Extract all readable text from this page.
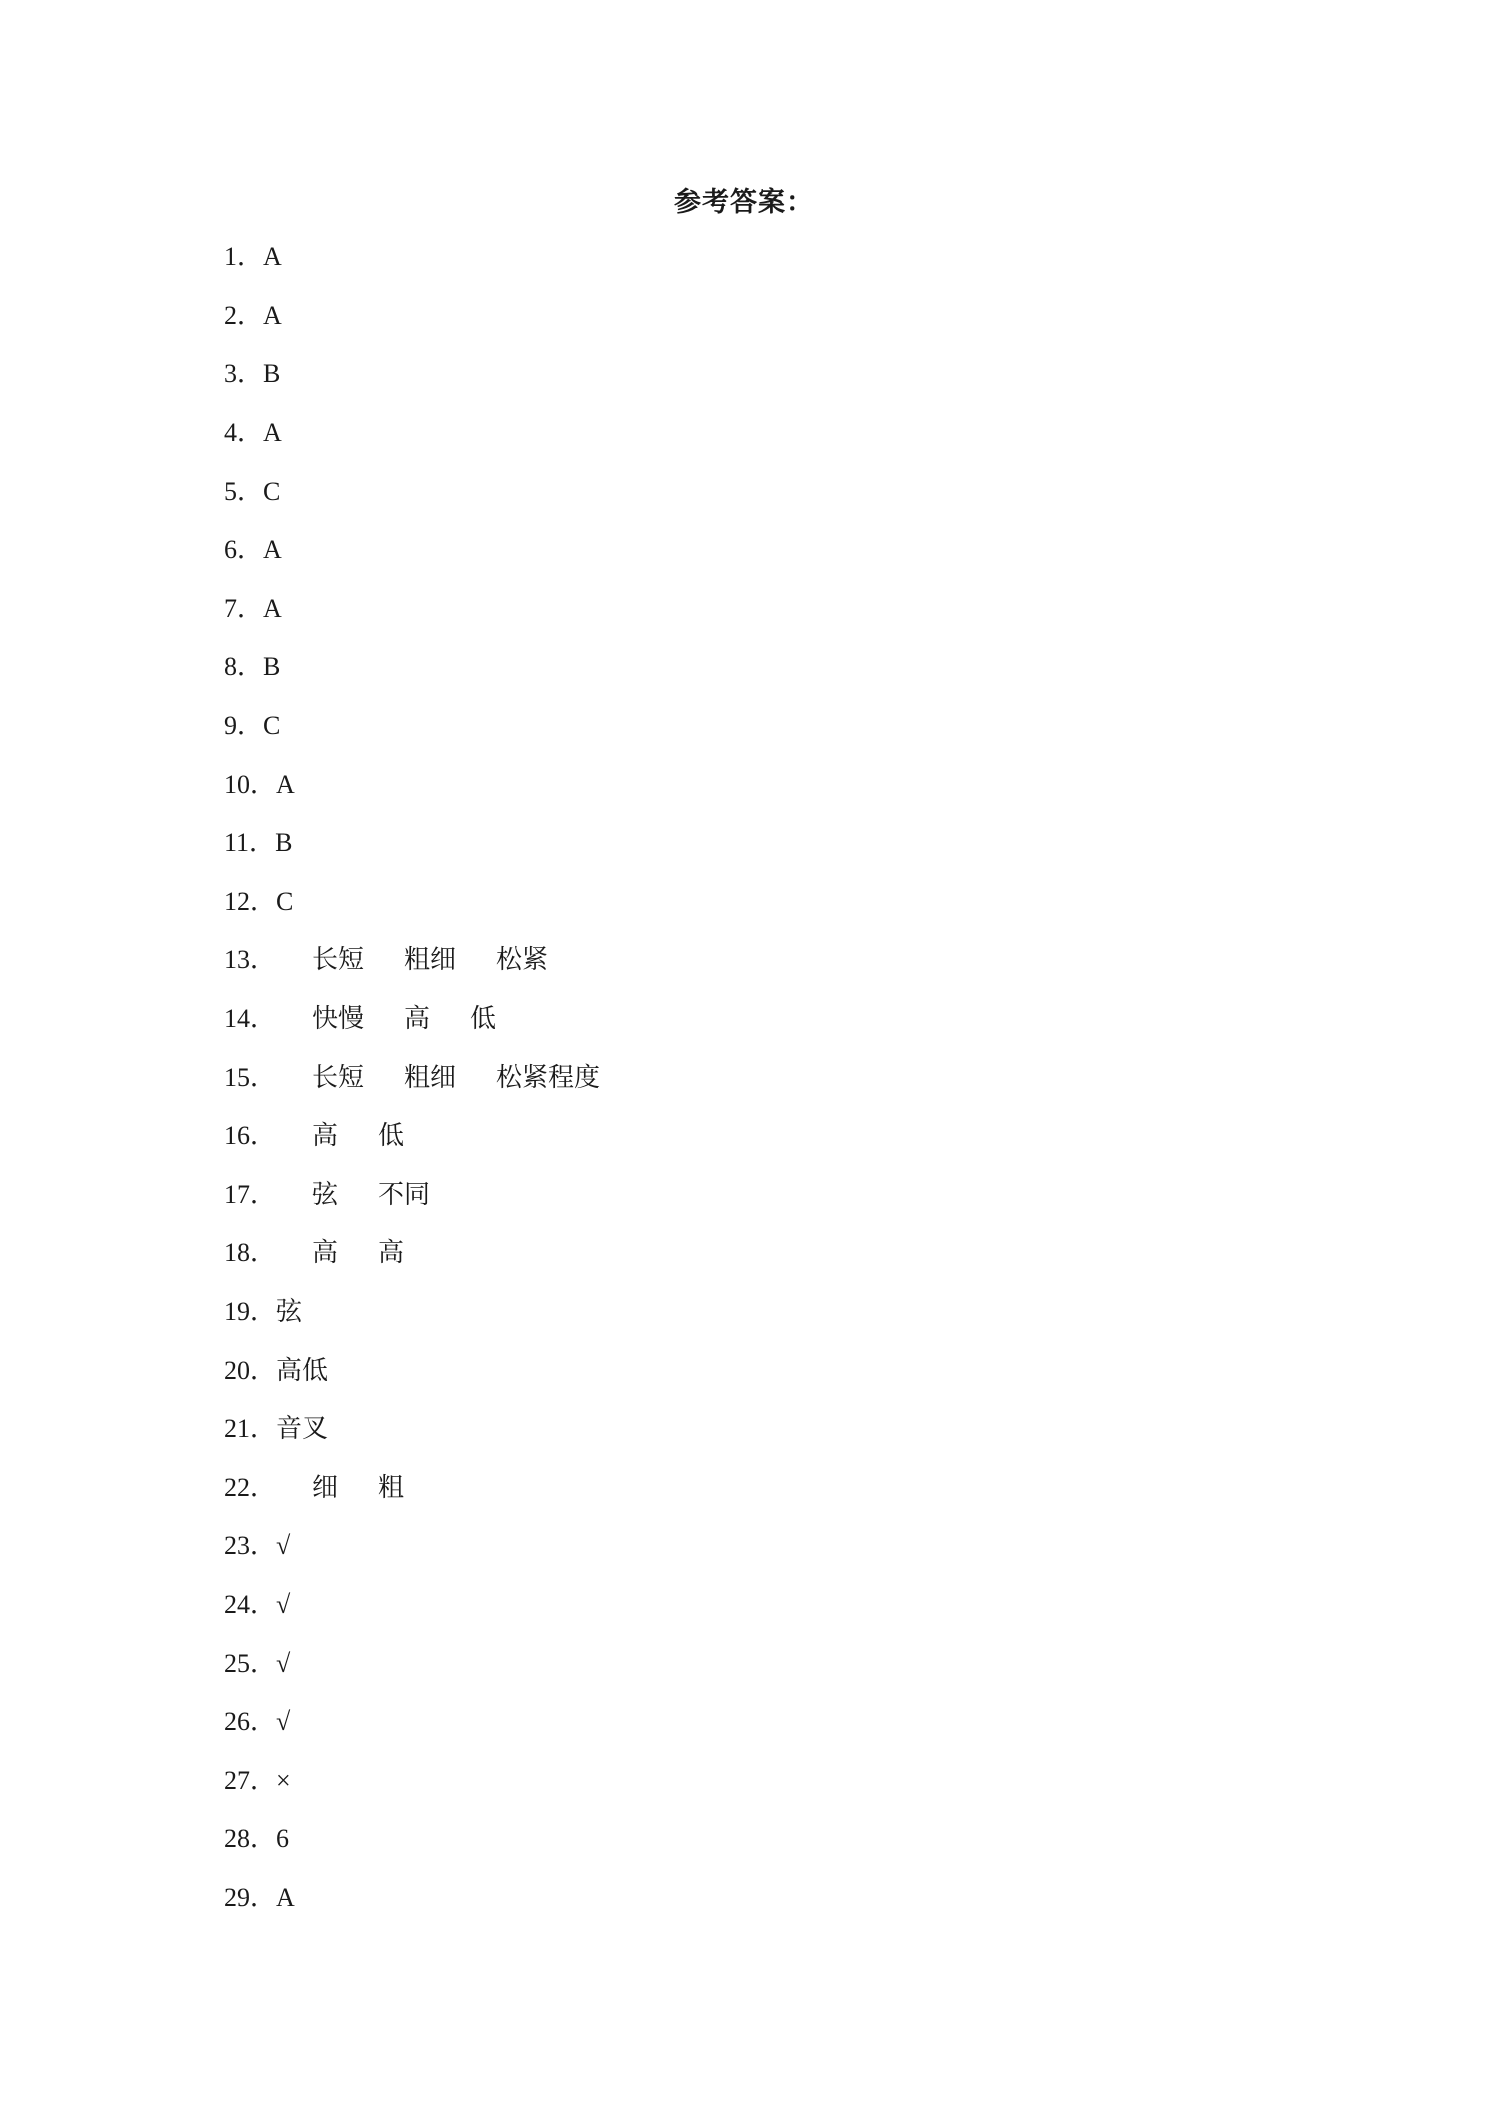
参考答案：
1 ．	A
2 ．	A
3 ．	B
4 ．	A
5 ．	C
6 ．	A
7 ．	A
8 ．	B
9 ．	C
10 ．	A
11 ．	B
12 ．	C
13 ．	长短 粗细 松紧
14 ．	快慢 高 低
15 ．	长短 粗细 松紧程度
16 ．	高 低
17 ．	弦 不同
18 ．	高 高
19 ．	弦
20 ．	高低
21 ．	音叉
22 ．	细 粗
23 ．	√
24 ．	√
25 ．	√
26 ．	√
27 ．	×
28 ．	6
29 ．	A
